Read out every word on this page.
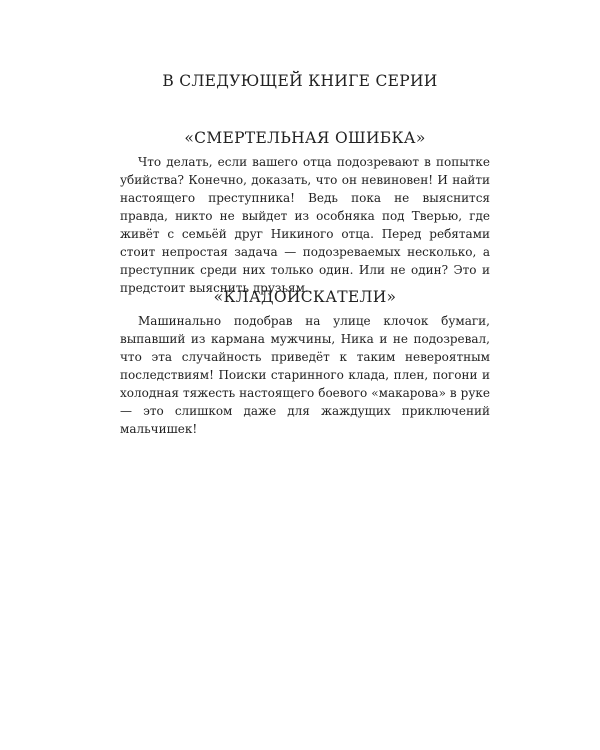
В СЛЕДУЮЩЕЙ КНИГЕ СЕРИИ
«СМЕРТЕЛЬНАЯ ОШИБКА»

Что делать, если вашего отца подозревают в попытке убийства? Конечно, доказать, что он невиновен! И найти настоящего преступника! Ведь пока не выяснится правда, никто не выйдет из особняка под Тверью, где живёт с семьёй друг Никиного отца. Перед ребятами стоит непростая задача — подозреваемых несколько, а преступник среди них только один. Или не один? Это и предстоит выяснить друзьям.

«КЛАДОИСКАТЕЛИ»

Машинально подобрав на улице клочок бумаги, выпавший из кармана мужчины, Ника и не подозревал, что эта случайность приведёт к таким невероятным последствиям! Поиски старинного клада, плен, погони и холодная тяжесть настоящего боевого «макарова» в руке — это слишком даже для жаждущих приключений мальчишек!
